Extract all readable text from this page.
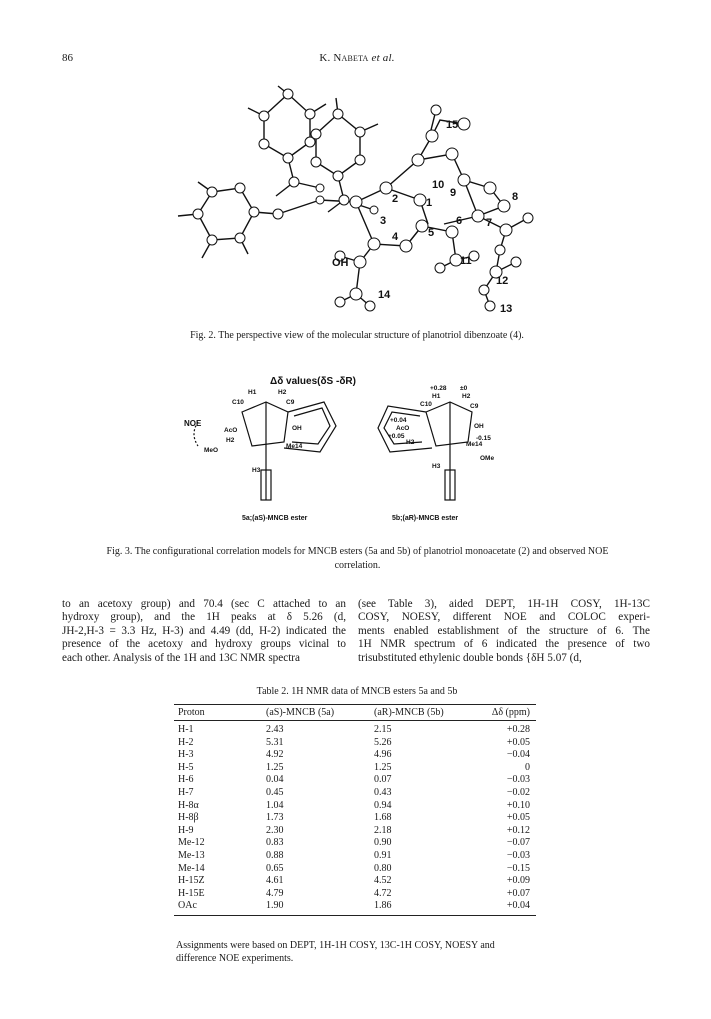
86	K. Nabeta et al.
15
10
9	8
2	1
6 7
3
4	5
OH	11
12
14
13
Fig. 2. The perspective view of the molecular structure of planotriol dibenzoate (4).
Δδ values(δS -δR)
NOE
H1	H2
C10	C9
AcO	OH
H2
Me14
MeO
H3
+0.28 ±0
H1	H2
C10	C9
+0.04
AcO
+0.05
H2
OH
-0.15
Me14
OMe
H3
5a;(aS)-MNCB ester	5b;(aR)-MNCB ester
Fig. 3. The configurational correlation models for MNCB esters (5a and 5b) of planotriol monoacetate (2) and observed NOE
correlation.
to an acetoxy group) and 70.4 (sec C attached to an
hydroxy group), and the 1H peaks at δ 5.26 (d,
JH-2,H-3 = 3.3 Hz, H-3) and 4.49 (dd, H-2) indicated the
presence of the acetoxy and hydroxy groups vicinal to
each other. Analysis of the 1H and 13C NMR spectra
(see Table 3), aided DEPT, 1H-1H COSY, 1H-13C
COSY, NOESY, different NOE and COLOC experi-
ments enabled establishment of the structure of 6. The
1H NMR spectrum of 6 indicated the presence of two
trisubstituted ethylenic double bonds {δH 5.07 (d,
Table 2. 1H NMR data of MNCB esters 5a and 5b
Proton	(aS)-MNCB (5a)	(aR)-MNCB (5b)	Δδ (ppm)
H-1	2.43	2.15	+0.28
H-2	5.31	5.26	+0.05
H-3	4.92	4.96	−0.04
H-5	1.25	1.25	0
H-6	0.04	0.07	−0.03
H-7	0.45	0.43	−0.02
H-8α	1.04	0.94	+0.10
H-8β	1.73	1.68	+0.05
H-9	2.30	2.18	+0.12
Me-12	0.83	0.90	−0.07
Me-13	0.88	0.91	−0.03
Me-14	0.65	0.80	−0.15
H-15Z	4.61	4.52	+0.09
H-15E	4.79	4.72	+0.07
OAc	1.90	1.86	+0.04
Assignments were based on DEPT, 1H-1H COSY, 13C-1H COSY, NOESY and
difference NOE experiments.
